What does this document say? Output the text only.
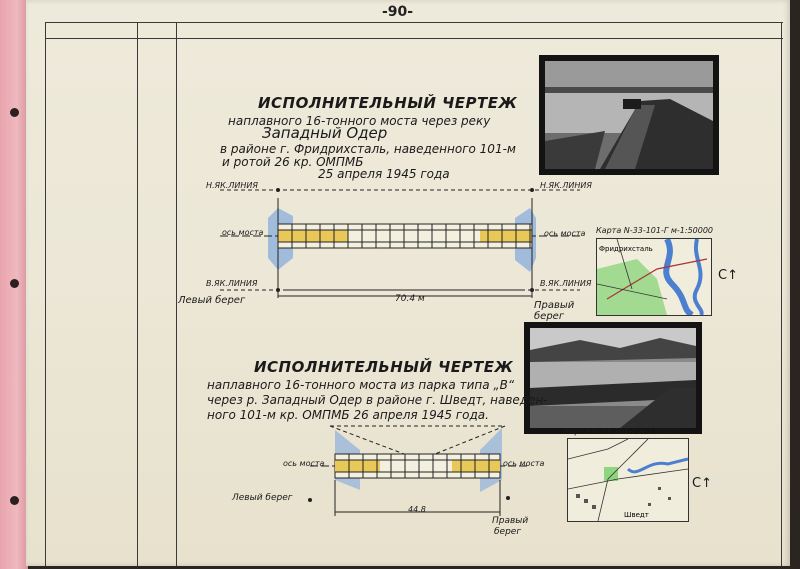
-90-
ИСПОЛНИТЕЛЬНЫЙ ЧЕРТЕЖ
наплавного 16-тонного моста через реку
Западный Одер
в районе г. Фридрихсталь, наведенного 101-м
и ротой 26 кр. ОМПМБ
25 апреля 1945 года
Н.ЯК.ЛИНИЯ	Н.ЯК.ЛИНИЯ
ось моста	ось моста
В.ЯК.ЛИНИЯ	В.ЯК.ЛИНИЯ
70.4 м
Левый берег	Правый
берег
Карта N-33-101-Г м-1:50000
Фридрихсталь
C↑
ИСПОЛНИТЕЛЬНЫЙ ЧЕРТЕЖ
наплавного 16-тонного моста из парка типа „В“
через р. Западный Одер в районе г. Шведт, наведен-
ного 101-м кр. ОМПМБ 26 апреля 1945 года.
ось моста	ось моста
44.8
Левый берег
Правый
берег
Карта N-33-101-Г м-1:50000
Шведт
C↑
